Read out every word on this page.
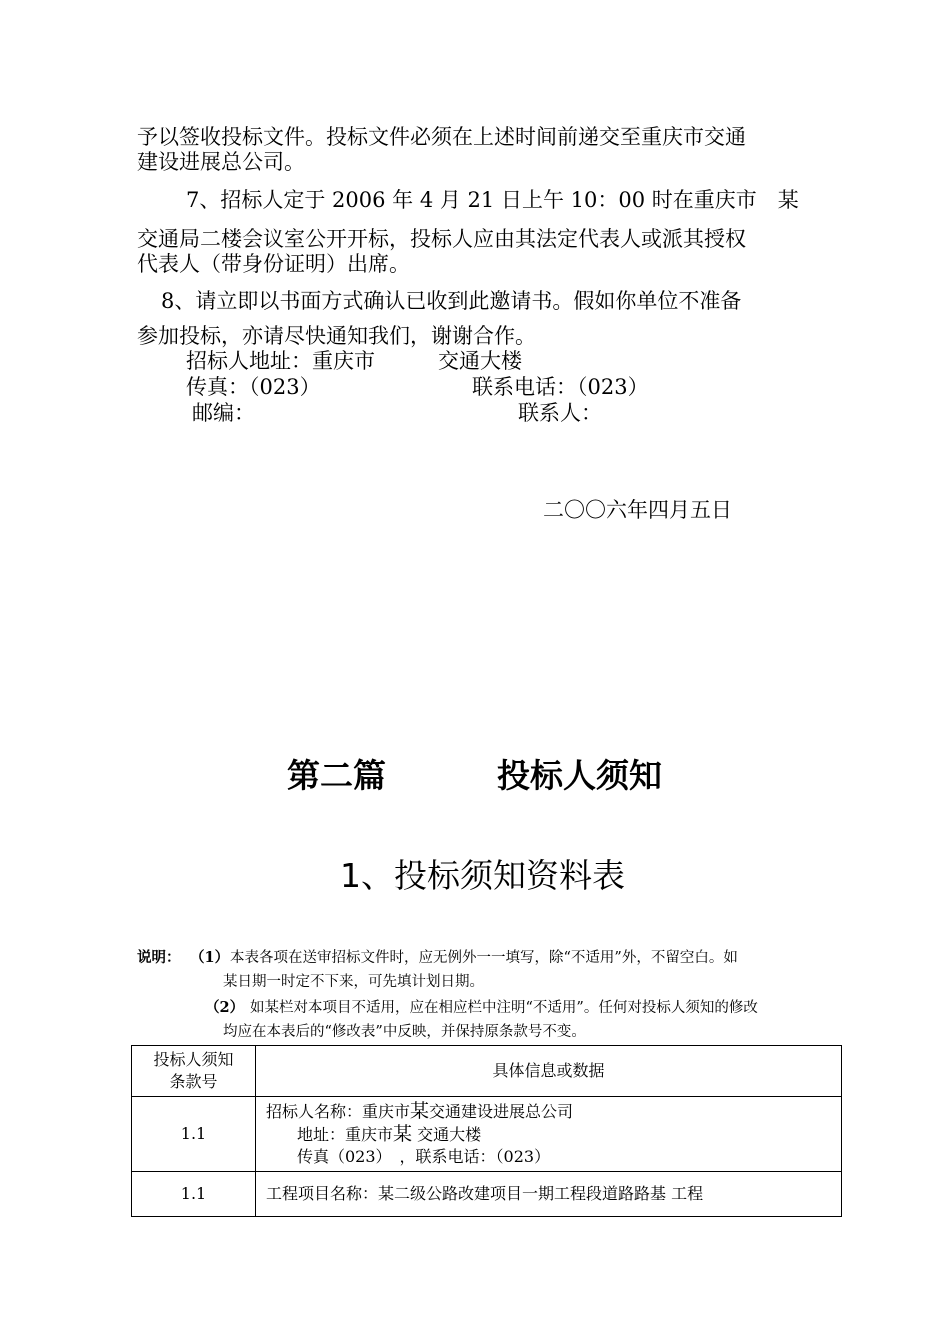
予以签收投标文件。投标文件必须在上述时间前递交至重庆市交通
建设进展总公司。
7、招标人定于 2006 年 4 月 21 日上午 10：00 时在重庆市　某
交通局二楼会议室公开开标，投标人应由其法定代表人或派其授权
代表人（带身份证明）出席。
8、请立即以书面方式确认已收到此邀请书。假如你单位不准备
参加投标，亦请尽快通知我们，谢谢合作。
招标人地址：重庆市　　　交通大楼
传真：（023）	联系电话：（023）
邮编：	联系人：
二〇〇六年四月五日
第二篇	投标人须知
1、投标须知资料表
说明： （1） 本表各项在送审招标文件时，应无例外一一填写，除“不适用”外，不留空白。如
某日期一时定不下来，可先填计划日期。
（2） 如某栏对本项目不适用，应在相应栏中注明“不适用”。任何对投标人须知的修改
均应在本表后的“修改表”中反映，并保持原条款号不变。
投标人须知
条款号	具体信息或数据
1.1	招标人名称：重庆市某交通建设进展总公司
地址：重庆市某 交通大楼
传真（023）　，联系电话：（023）

1.1	工程项目名称：某二级公路改建项目一期工程段道路路基 工程
